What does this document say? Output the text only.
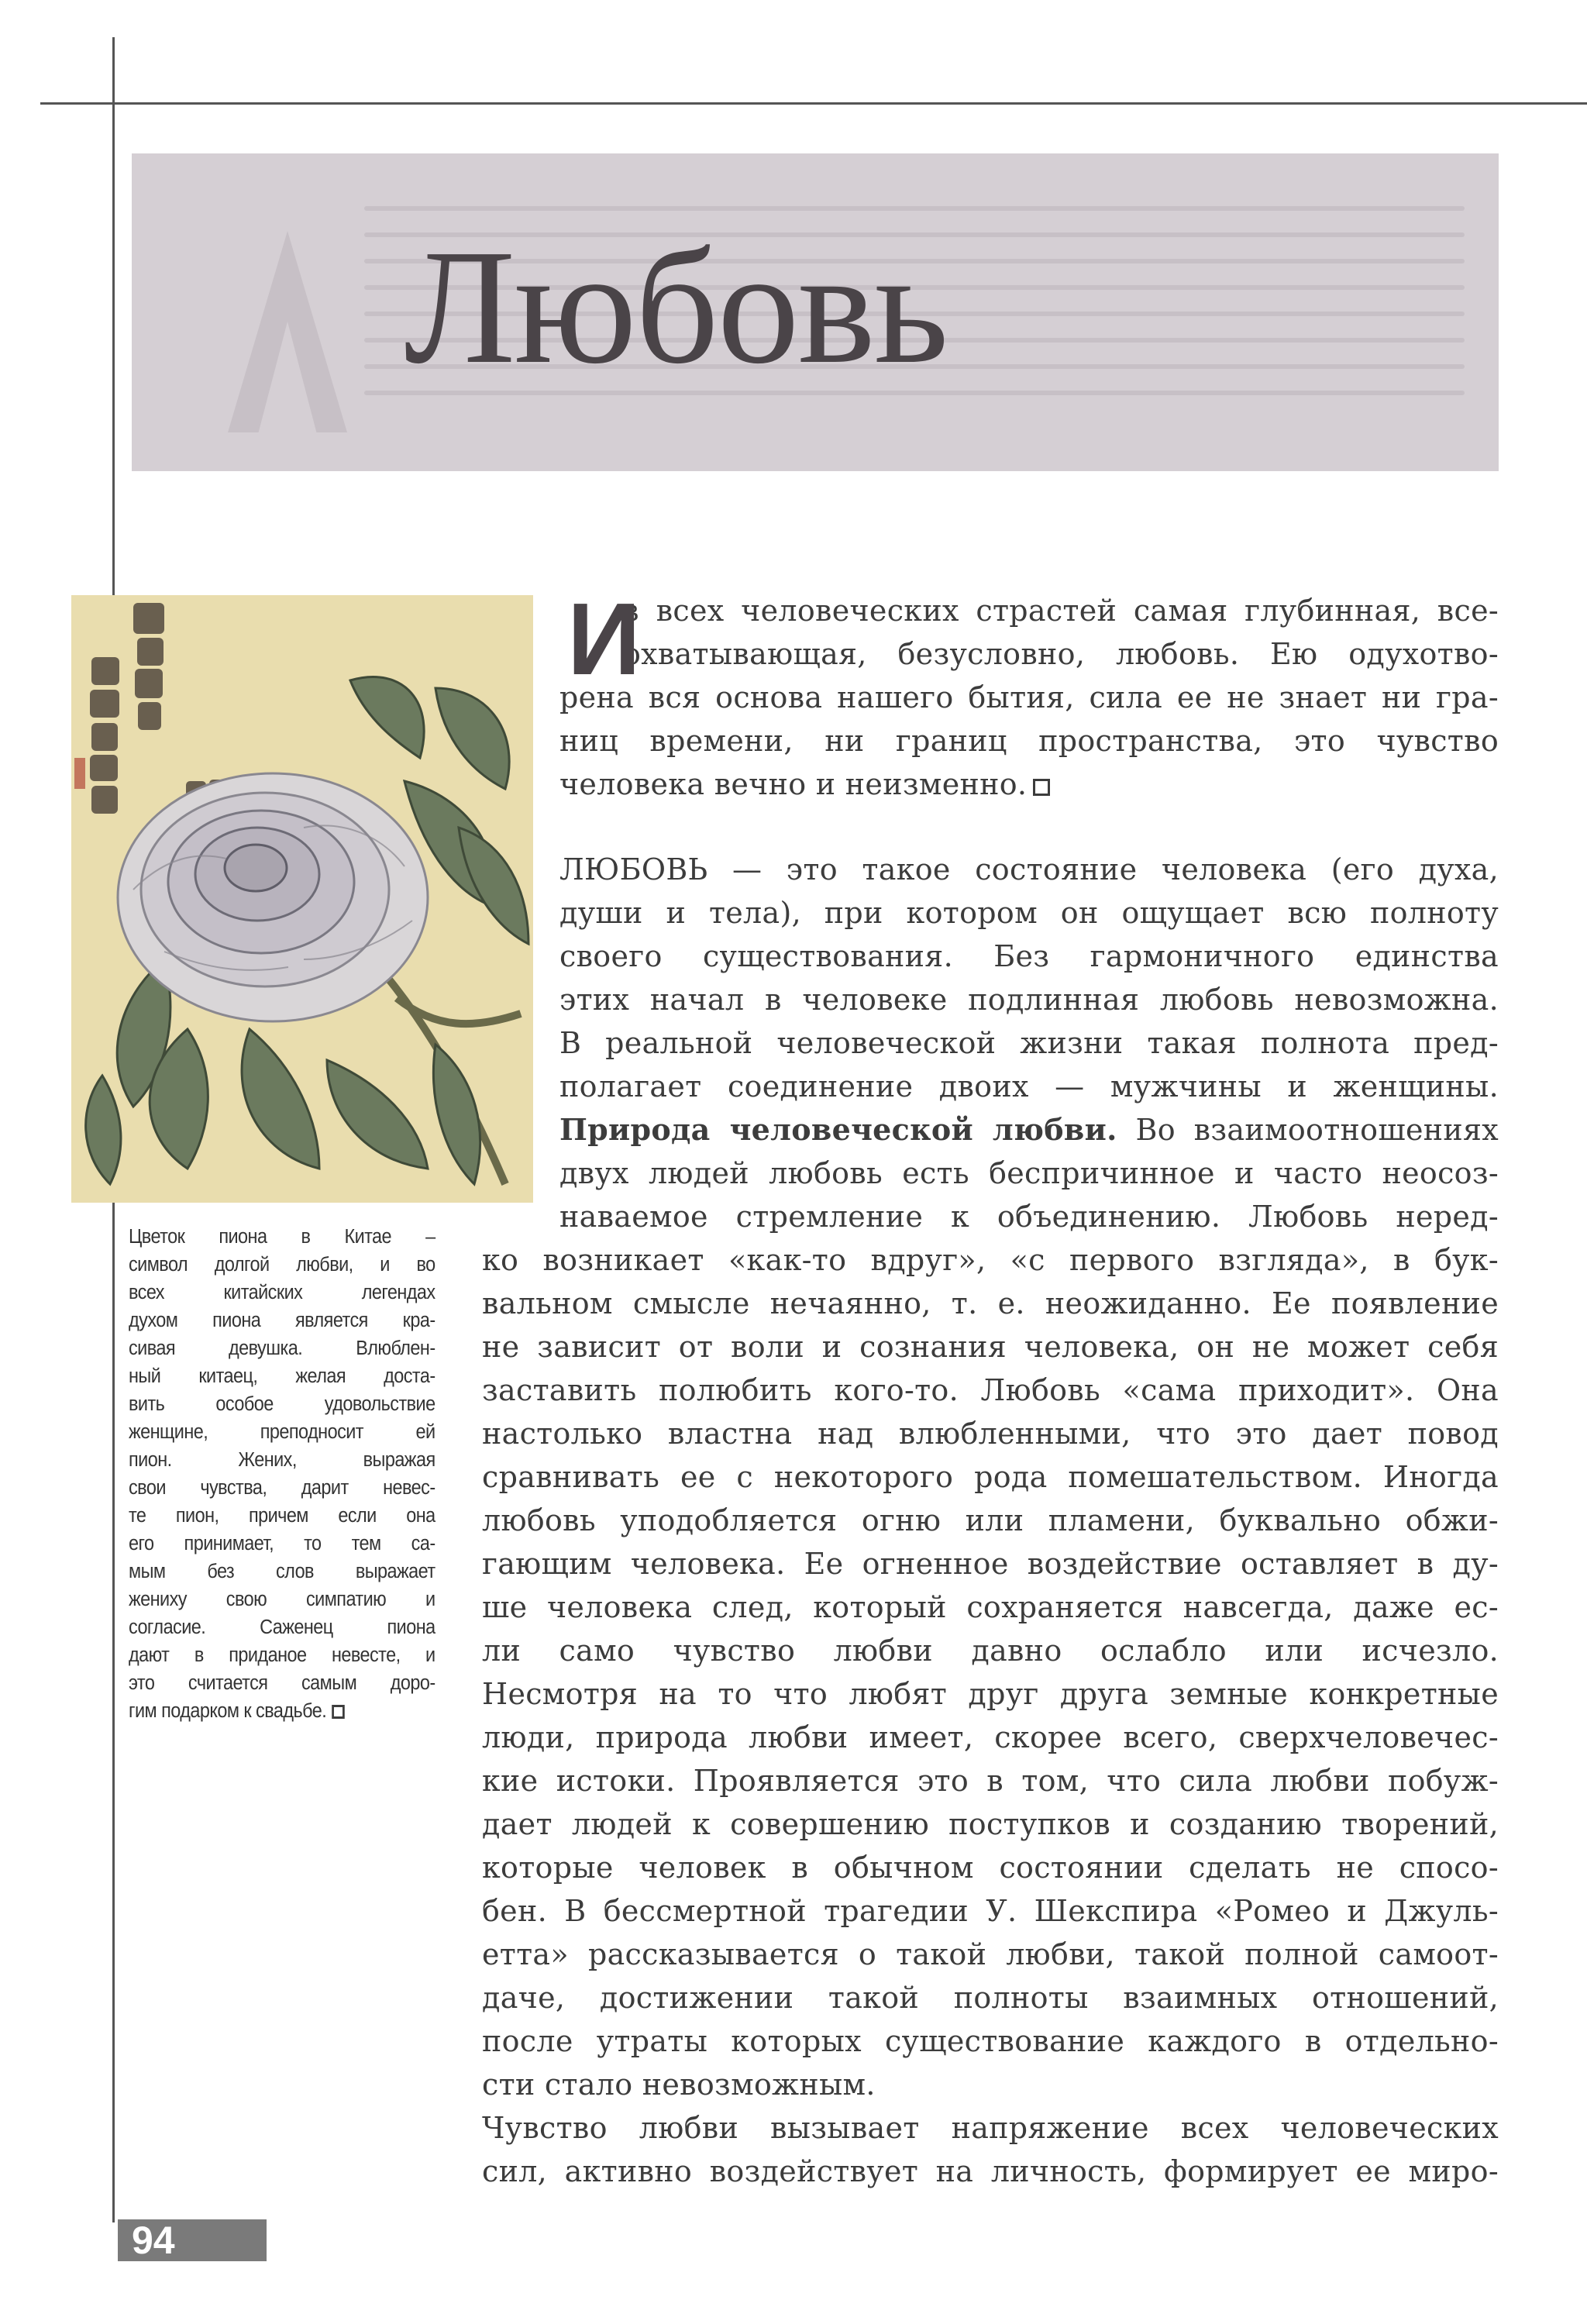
Любовь
Цветок пиона в Китае –
символ долгой любви, и во
всех китайских легендах
духом пиона является кра-
сивая девушка. Влюблен-
ный китаец, желая доста-
вить особое удовольствие
женщине, преподносит ей
пион. Жених, выражая
свои чувства, дарит невес-
те пион, причем если она
его принимает, то тем са-
мым без слов выражает
жениху свою симпатию и
согласие. Саженец пиона
дают в приданое невесте, и
это считается самым доро-
гим подарком к свадьбе.
И
з всех человеческих страстей самая глубинная, все-
охватывающая, безусловно, любовь. Ею одухотво-
рена вся основа нашего бытия, сила ее не знает ни гра-
ниц времени, ни границ пространства, это чувство
человека вечно и неизменно.
ЛЮБОВЬ — это такое состояние человека (его духа,
души и тела), при котором он ощущает всю полноту
своего существования. Без гармоничного единства
этих начал в человеке подлинная любовь невозможна.
В реальной человеческой жизни такая полнота пред-
полагает соединение двоих — мужчины и женщины.
Природа человеческой любви. Во взаимоотношениях
двух людей любовь есть беспричинное и часто неосоз-
наваемое стремление к объединению. Любовь неред-
ко возникает «как-то вдруг», «с первого взгляда», в бук-
вальном смысле нечаянно, т. е. неожиданно. Ее появление
не зависит от воли и сознания человека, он не может себя
заставить полюбить кого-то. Любовь «сама приходит». Она
настолько властна над влюбленными, что это дает повод
сравнивать ее с некоторого рода помешательством. Иногда
любовь уподобляется огню или пламени, буквально обжи-
гающим человека. Ее огненное воздействие оставляет в ду-
ше человека след, который сохраняется навсегда, даже ес-
ли само чувство любви давно ослабло или исчезло.
Несмотря на то что любят друг друга земные конкретные
люди, природа любви имеет, скорее всего, сверхчеловечес-
кие истоки. Проявляется это в том, что сила любви побуж-
дает людей к совершению поступков и созданию творений,
которые человек в обычном состоянии сделать не спосо-
бен. В бессмертной трагедии У. Шекспира «Ромео и Джуль-
етта» рассказывается о такой любви, такой полной самоот-
даче, достижении такой полноты взаимных отношений,
после утраты которых существование каждого в отдельно-
сти стало невозможным.
Чувство любви вызывает напряжение всех человеческих
сил, активно воздействует на личность, формирует ее миро-
94
